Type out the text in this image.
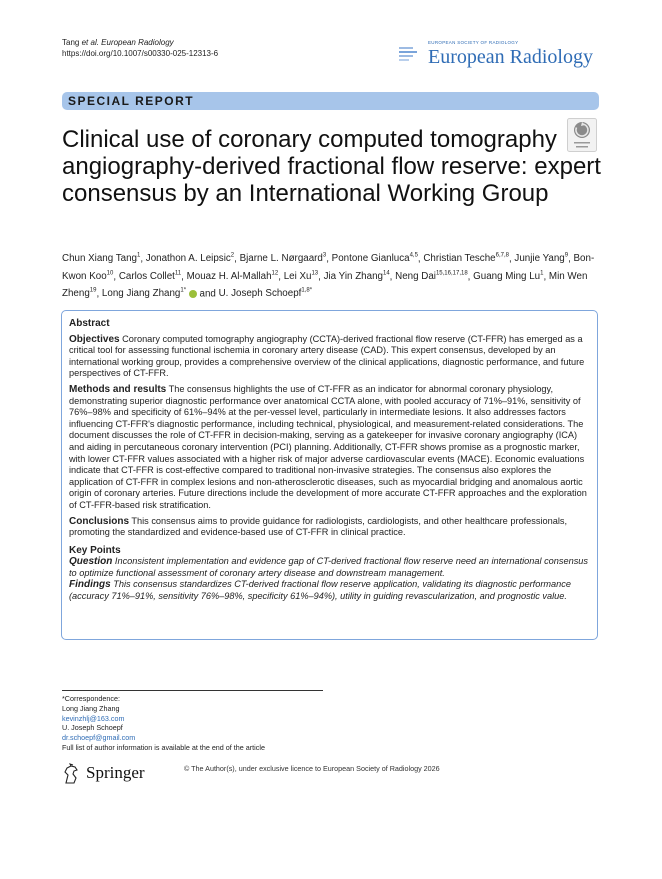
Tang et al. European Radiology
https://doi.org/10.1007/s00330-025-12313-6
EUROPEAN SOCIETY OF RADIOLOGY
European Radiology
SPECIAL REPORT
Clinical use of coronary computed tomography angiography-derived fractional flow reserve: expert consensus by an International Working Group
Chun Xiang Tang$^1$, Jonathon A. Leipsic$^2$, Bjarne L. Nørgaard$^3$, Pontone Gianluca$^{4,5}$, Christian Tesche$^{6,7,8}$, Junjie Yang$^9$, Bon-Kwon Koo$^{10}$, Carlos Collet$^{11}$, Mouaz H. Al-Mallah$^{12}$, Lei Xu$^{13}$, Jia Yin Zhang$^{14}$, Neng Dai$^{15,16,17,18}$, Guang Ming Lu$^1$, Min Wen Zheng$^{19}$, Long Jiang Zhang$^{1*}$ and U. Joseph Schoepf$^{1,8*}$
Abstract

Objectives Coronary computed tomography angiography (CCTA)-derived fractional flow reserve (CT-FFR) has emerged as a critical tool for assessing functional ischemia in coronary artery disease (CAD). This expert consensus, developed by an international working group, provides a comprehensive overview of the clinical applications, diagnostic performance, and future perspectives of CT-FFR.

Methods and results The consensus highlights the use of CT-FFR as an indicator for abnormal coronary physiology, demonstrating superior diagnostic performance over anatomical CCTA alone, with pooled accuracy of 71%–91%, sensitivity of 76%–98% and specificity of 61%–94% at the per-vessel level, particularly in intermediate lesions. It also addresses factors influencing CT-FFR's diagnostic performance, including technical, physiological, and measurement-related considerations. The document discusses the role of CT-FFR in decision-making, serving as a gatekeeper for invasive coronary angiography (ICA) and aiding in percutaneous coronary intervention (PCI) planning. Additionally, CT-FFR shows promise as a prognostic marker, with lower CT-FFR values associated with a higher risk of major adverse cardiovascular events (MACE). Economic evaluations indicate that CT-FFR is cost-effective compared to traditional non-invasive strategies. The consensus also explores the application of CT-FFR in complex lesions and non-atherosclerotic diseases, such as myocardial bridging and anomalous aortic origin of coronary arteries. Future directions include the development of more accurate CT-FFR approaches and the exploration of CT-FFR-based risk stratification.

Conclusions This consensus aims to provide guidance for radiologists, cardiologists, and other healthcare professionals, promoting the standardized and evidence-based use of CT-FFR in clinical practice.

Key Points

Question Inconsistent implementation and evidence gap of CT-derived fractional flow reserve need an international consensus to optimize functional assessment of coronary artery disease and downstream management.

Findings This consensus standardizes CT-derived fractional flow reserve application, validating its diagnostic performance (accuracy 71%–91%, sensitivity 76%–98%, specificity 61%–94%), utility in guiding revascularization, and prognostic value.

*Correspondence:
Long Jiang Zhang
kevinzhlj@163.com
U. Joseph Schoepf
dr.schoepf@gmail.com
Full list of author information is available at the end of the article
Springer	© The Author(s), under exclusive licence to European Society of Radiology 2026
